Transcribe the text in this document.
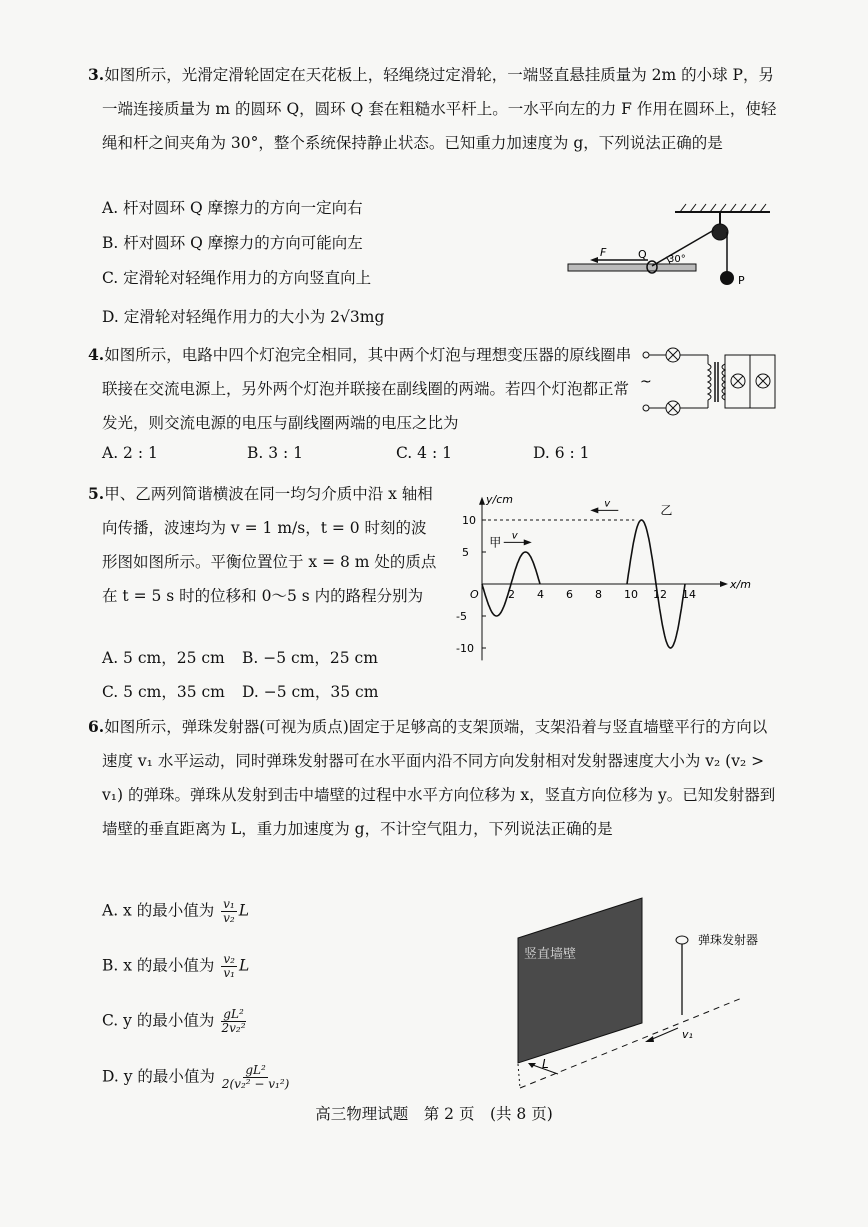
3.如图所示，光滑定滑轮固定在天花板上，轻绳绕过定滑轮，一端竖直悬挂质量为 2m 的小球 P，另一端连接质量为 m 的圆环 Q，圆环 Q 套在粗糙水平杆上。一水平向左的力 F 作用在圆环上，使轻绳和杆之间夹角为 30°，整个系统保持静止状态。已知重力加速度为 g，下列说法正确的是
A. 杆对圆环 Q 摩擦力的方向一定向右
B. 杆对圆环 Q 摩擦力的方向可能向左
C. 定滑轮对轻绳作用力的方向竖直向上
D. 定滑轮对轻绳作用力的大小为 2√3mg
P
F	Q 30°
4.如图所示，电路中四个灯泡完全相同，其中两个灯泡与理想变压器的原线圈串联接在交流电源上，另外两个灯泡并联接在副线圈的两端。若四个灯泡都正常发光，则交流电源的电压与副线圈两端的电压之比为
A. 2 : 1	B. 3 : 1	C. 4 : 1	D. 6 : 1
~
5.甲、乙两列简谐横波在同一均匀介质中沿 x 轴相向传播，波速均为 v = 1 m/s，t = 0 时刻的波形图如图所示。平衡位置位于 x = 8 m 处的质点在 t = 5 s 时的位移和 0～5 s 内的路程分别为
A. 5 cm，25 cm B. −5 cm，25 cm
C. 5 cm，35 cm D. −5 cm，35 cm
O	2 4 6 8 10 12 14
10
5
-5
-10
x/m
y/cm
甲 v
乙
v
6.如图所示，弹珠发射器(可视为质点)固定于足够高的支架顶端，支架沿着与竖直墙壁平行的方向以速度 v₁ 水平运动，同时弹珠发射器可在水平面内沿不同方向发射相对发射器速度大小为 v₂ (v₂ > v₁) 的弹珠。弹珠从发射到击中墙壁的过程中水平方向位移为 x，竖直方向位移为 y。已知发射器到墙壁的垂直距离为 L，重力加速度为 g，不计空气阻力，下列说法正确的是
A. x 的最小值为 $\frac{\text{v₁}}{\text{v₂}}$ L
B. x 的最小值为 $\frac{\text{v₂}}{\text{v₁}}$ L
C. y 的最小值为 $\frac{\text{gL²}}{\text{2v₂²}}$
D. y 的最小值为 $\frac{\text{gL²}}{\text{2(v₂² − v₁²)}}$
竖直墙壁
弹珠发射器
L
v₁
高三物理试题　第 2 页　(共 8 页)
